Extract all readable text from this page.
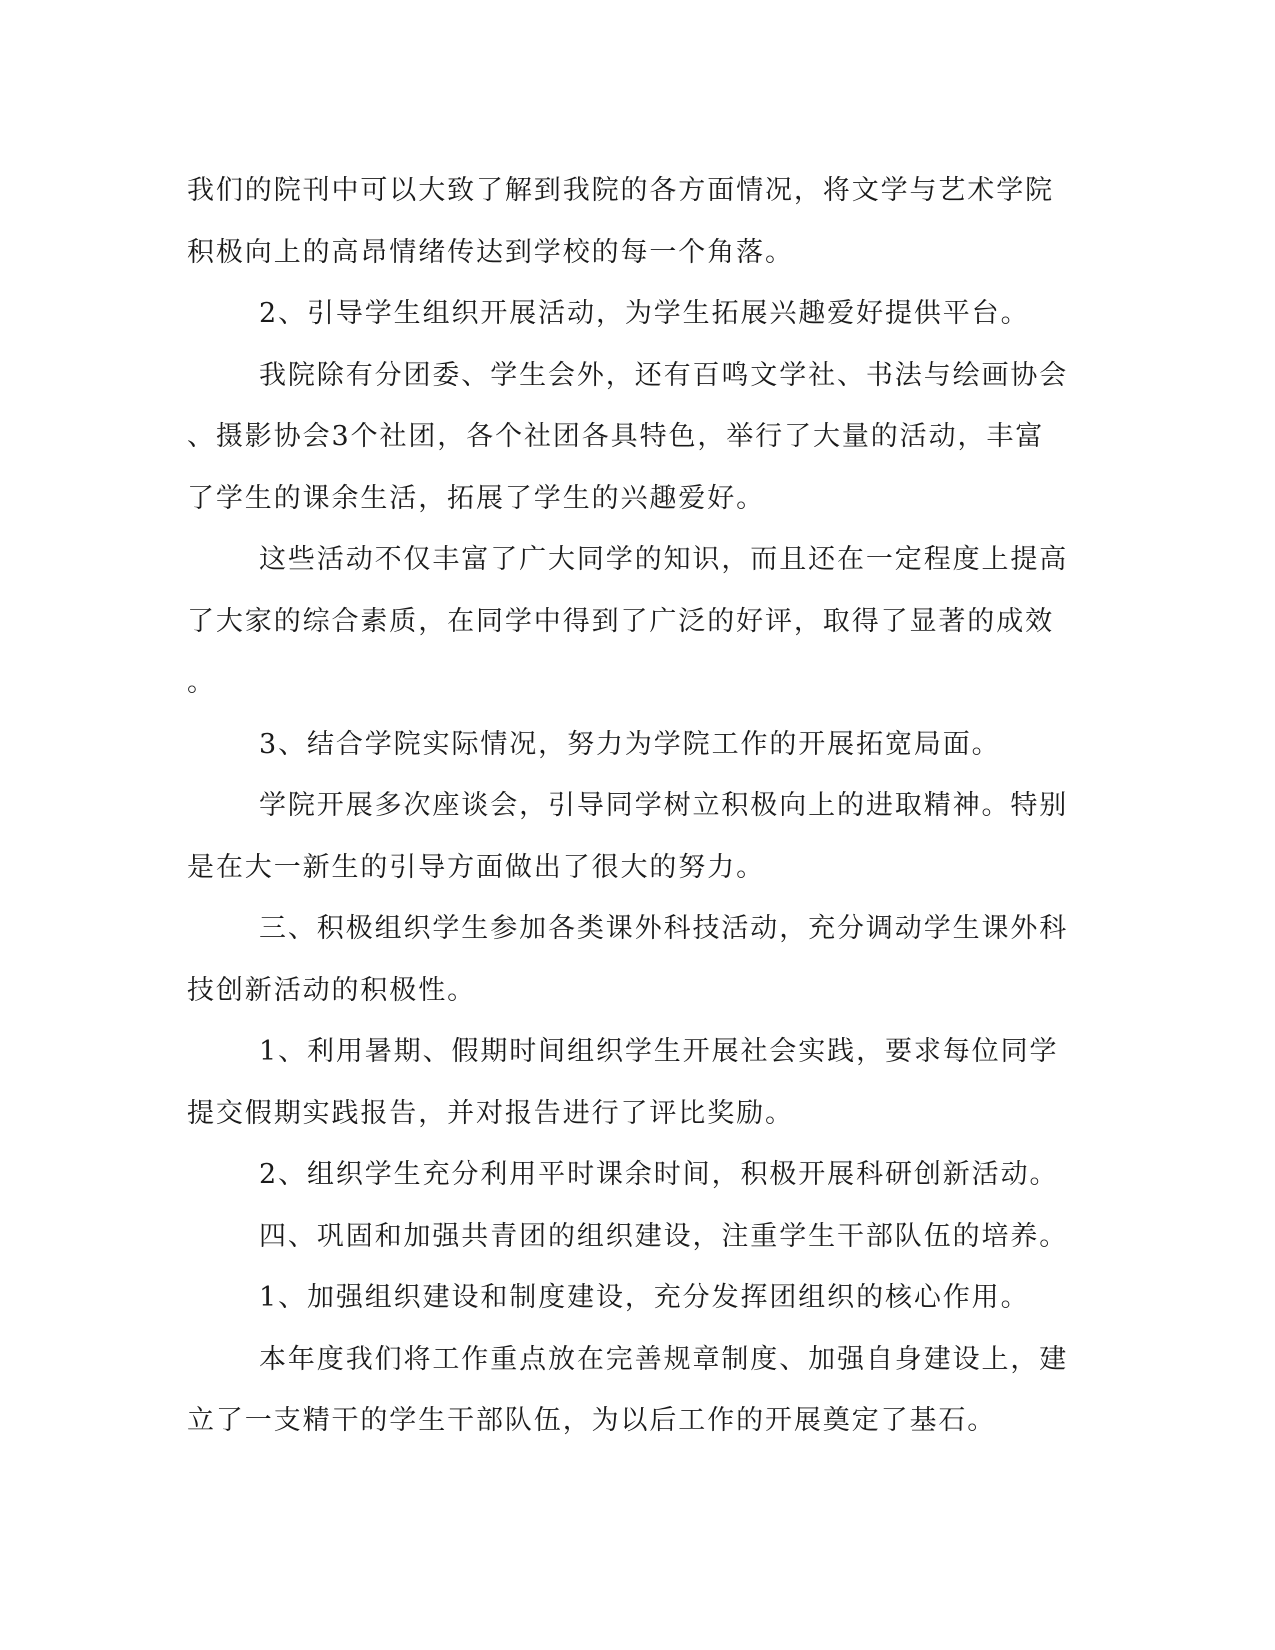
我们的院刊中可以大致了解到我院的各方面情况，将文学与艺术学院
积极向上的高昂情绪传达到学校的每一个角落。
2、引导学生组织开展活动，为学生拓展兴趣爱好提供平台。
我院除有分团委、学生会外，还有百鸣文学社、书法与绘画协会
、摄影协会3个社团，各个社团各具特色，举行了大量的活动，丰富
了学生的课余生活，拓展了学生的兴趣爱好。
这些活动不仅丰富了广大同学的知识，而且还在一定程度上提高
了大家的综合素质，在同学中得到了广泛的好评，取得了显著的成效
。
3、结合学院实际情况，努力为学院工作的开展拓宽局面。
学院开展多次座谈会，引导同学树立积极向上的进取精神。特别
是在大一新生的引导方面做出了很大的努力。
三、积极组织学生参加各类课外科技活动，充分调动学生课外科
技创新活动的积极性。
1、利用暑期、假期时间组织学生开展社会实践，要求每位同学
提交假期实践报告，并对报告进行了评比奖励。
2、组织学生充分利用平时课余时间，积极开展科研创新活动。
四、巩固和加强共青团的组织建设，注重学生干部队伍的培养。
1、加强组织建设和制度建设，充分发挥团组织的核心作用。
本年度我们将工作重点放在完善规章制度、加强自身建设上，建
立了一支精干的学生干部队伍，为以后工作的开展奠定了基石。
